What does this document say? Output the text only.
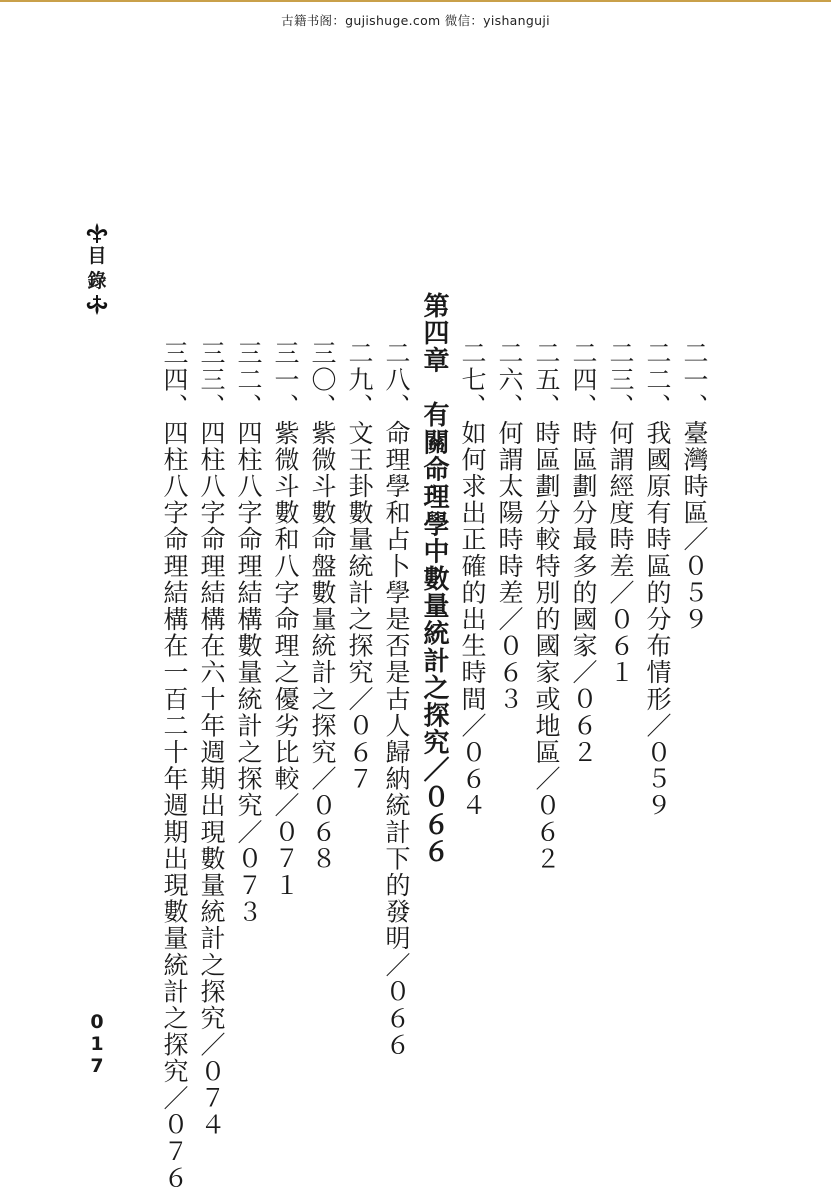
古籍书阁：gujishuge.com 微信：yishanguji
目
錄
二一、臺灣時區／０５９
二二、我國原有時區的分布情形／０５９
二三、何謂經度時差／０６１
二四、時區劃分最多的國家／０６２
二五、時區劃分較特別的國家或地區／０６２
二六、何謂太陽時時差／０６３
二七、如何求出正確的出生時間／０６４
第四章　有關命理學中數量統計之探究／０６６
二八、命理學和占卜學是否是古人歸納統計下的發明／０６６
二九、文王卦數量統計之探究／０６７
三〇、紫微斗數命盤數量統計之探究／０６８
三一、紫微斗數和八字命理之優劣比較／０７１
三二、四柱八字命理結構數量統計之探究／０７３
三三、四柱八字命理結構在六十年週期出現數量統計之探究／０７４
三四、四柱八字命理結構在一百二十年週期出現數量統計之探究／０７６
0
1
7
